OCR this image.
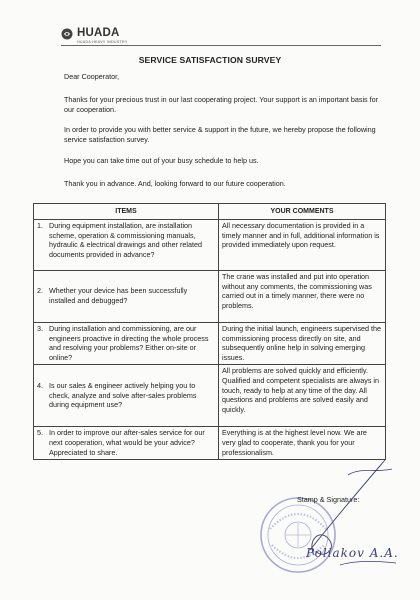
HUADA
HUADA HEAVY INDUSTRY
SERVICE SATISFACTION SURVEY

Dear Cooperator,

Thanks for your precious trust in our last cooperating project. Your support is an important basis for our cooperation.

In order to provide you with better service & support in the future, we hereby propose the following service satisfaction survey.

Hope you can take time out of your busy schedule to help us.

Thank you in advance. And, looking forward to our future cooperation.

ITEMS	YOUR COMMENTS

1. During equipment installation, are installation scheme, operation & commissioning manuals, hydraulic & electrical drawings and other related documents provided in advance?	All necessary documentation is provided in a timely manner and in full, additional information is provided immediately upon request.

2. Whether your device has been successfully installed and debugged?	The crane was installed and put into operation without any comments, the commissioning was carried out in a timely manner, there were no problems.

3. During installation and commissioning, are our engineers proactive in directing the whole process and resolving your problems? Either on-site or online?	During the initial launch, engineers supervised the commissioning process directly on site, and subsequently online help in solving emerging issues.

4. Is our sales & engineer actively helping you to check, analyze and solve after-sales problems during equipment use?	All problems are solved quickly and efficiently. Qualified and competent specialists are always in touch, ready to help at any time of the day. All questions and problems are solved easily and quickly.

5. In order to improve our after-sales service for our next cooperation, what would be your advice? Appreciated to share.	Everything is at the highest level now. We are very glad to cooperate, thank you for your professionalism.
Stamp & Signature:
Poliakov A.A.
